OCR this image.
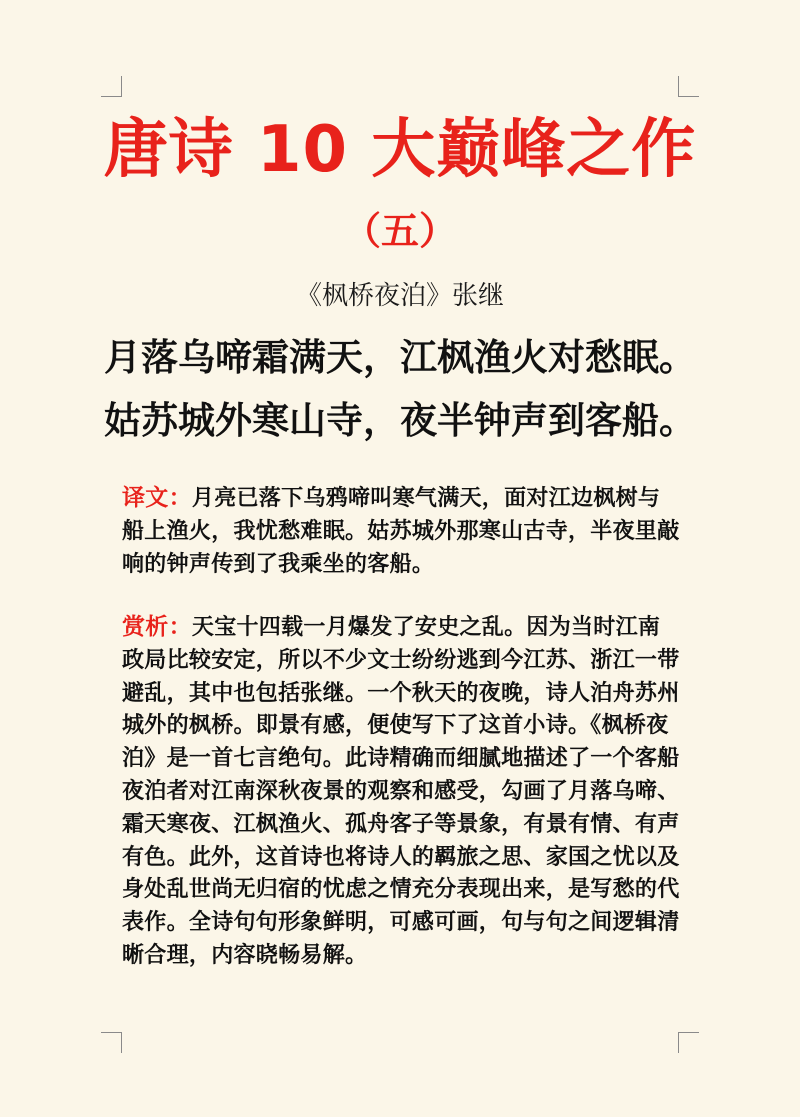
唐诗 10 大巅峰之作
（五）
《枫桥夜泊》张继
月落乌啼霜满天，江枫渔火对愁眠。
姑苏城外寒山寺，夜半钟声到客船。
译文：月亮已落下乌鸦啼叫寒气满天，面对江边枫树与船上渔火，我忧愁难眠。姑苏城外那寒山古寺，半夜里敲响的钟声传到了我乘坐的客船。
赏析：天宝十四载一月爆发了安史之乱。因为当时江南政局比较安定，所以不少文士纷纷逃到今江苏、浙江一带避乱，其中也包括张继。一个秋天的夜晚，诗人泊舟苏州城外的枫桥。即景有感，便使写下了这首小诗。《枫桥夜泊》是一首七言绝句。此诗精确而细腻地描述了一个客船夜泊者对江南深秋夜景的观察和感受，勾画了月落乌啼、霜天寒夜、江枫渔火、孤舟客子等景象，有景有情、有声有色。此外，这首诗也将诗人的羁旅之思、家国之忧以及身处乱世尚无归宿的忧虑之情充分表现出来，是写愁的代表作。全诗句句形象鲜明，可感可画，句与句之间逻辑清晰合理，内容晓畅易解。
